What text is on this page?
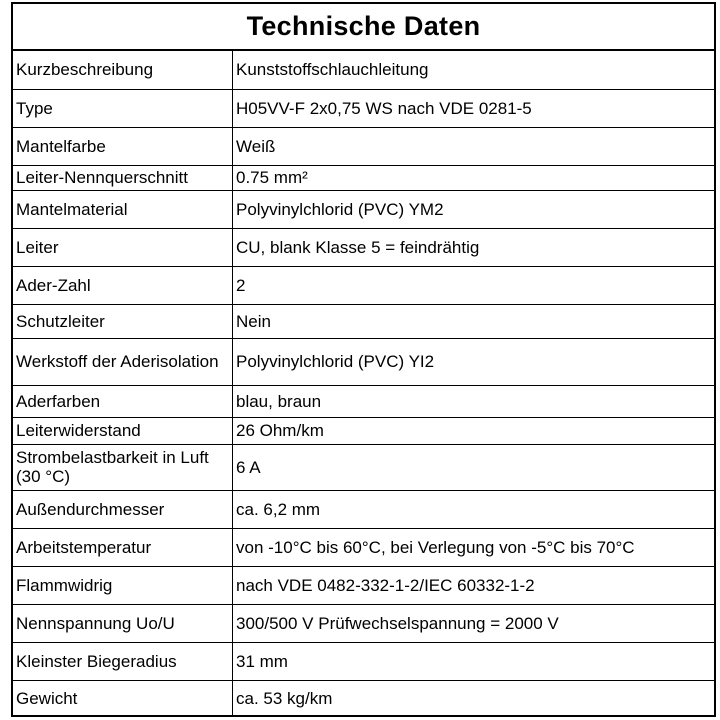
Technische Daten
Kurzbeschreibung	Kunststoffschlauchleitung
Type	H05VV-F 2x0,75 WS nach VDE 0281-5
Mantelfarbe	Weiß
Leiter-Nennquerschnitt	0.75 mm²
Mantelmaterial	Polyvinylchlorid (PVC) YM2
Leiter	CU, blank Klasse 5 = feindrähtig
Ader-Zahl	2
Schutzleiter	Nein
Werkstoff der Aderisolation	Polyvinylchlorid (PVC) YI2
Aderfarben	blau, braun
Leiterwiderstand	26 Ohm/km
Strombelastbarkeit in Luft (30 °C)	6 A
Außendurchmesser	ca. 6,2 mm
Arbeitstemperatur	von -10°C bis 60°C, bei Verlegung von -5°C bis 70°C
Flammwidrig	nach VDE 0482-332-1-2/IEC 60332-1-2
Nennspannung Uo/U	300/500 V Prüfwechselspannung = 2000 V
Kleinster Biegeradius	31 mm
Gewicht	ca. 53 kg/km
